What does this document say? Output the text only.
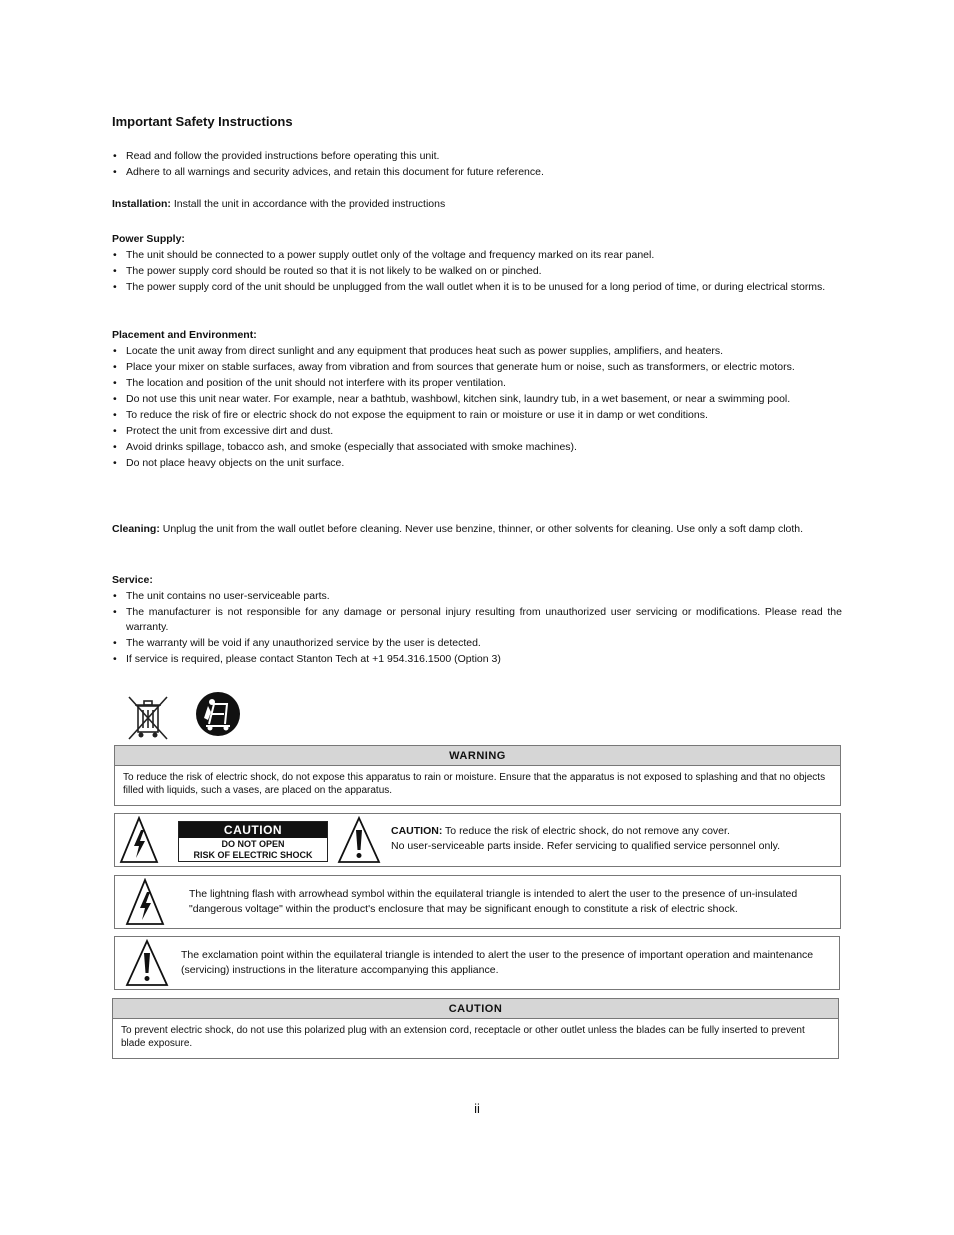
Important Safety Instructions
• Read and follow the provided instructions before operating this unit.
• Adhere to all warnings and security advices, and retain this document for future reference.

Installation: Install the unit in accordance with the provided instructions

Power Supply:
• The unit should be connected to a power supply outlet only of the voltage and frequency marked on its rear panel.
• The power supply cord should be routed so that it is not likely to be walked on or pinched.
• The power supply cord of the unit should be unplugged from the wall outlet when it is to be unused for a long period of time, or during electrical storms.
Placement and Environment:
• Locate the unit away from direct sunlight and any equipment that produces heat such as power supplies, amplifiers, and heaters.
• Place your mixer on stable surfaces, away from vibration and from sources that generate hum or noise, such as transformers, or electric motors.
• The location and position of the unit should not interfere with its proper ventilation.
• Do not use this unit near water. For example, near a bathtub, washbowl, kitchen sink, laundry tub, in a wet basement, or near a swimming pool.
• To reduce the risk of fire or electric shock do not expose the equipment to rain or moisture or use it in damp or wet conditions.
• Protect the unit from excessive dirt and dust.
• Avoid drinks spillage, tobacco ash, and smoke (especially that associated with smoke machines).
• Do not place heavy objects on the unit surface.

Cleaning: Unplug the unit from the wall outlet before cleaning. Never use benzine, thinner, or other solvents for cleaning. Use only a soft damp cloth.

Service:
• The unit contains no user-serviceable parts.
• The manufacturer is not responsible for any damage or personal injury resulting from unauthorized user servicing or modifications. Please read the warranty.
• The warranty will be void if any unauthorized service by the user is detected.
• If service is required, please contact Stanton Tech at +1 954.316.1500 (Option 3)
WARNING
To reduce the risk of electric shock, do not expose this apparatus to rain or moisture. Ensure that the apparatus is not exposed to splashing and that no objects filled with liquids, such a vases, are placed on the apparatus.
CAUTION
DO NOT OPEN
RISK OF ELECTRIC SHOCK
CAUTION: To reduce the risk of electric shock, do not remove any cover.
No user-serviceable parts inside. Refer servicing to qualified service personnel only.
The lightning flash with arrowhead symbol within the equilateral triangle is intended to alert the user to the presence of un-insulated "dangerous voltage" within the product's enclosure that may be significant enough to constitute a risk of electric shock.
The exclamation point within the equilateral triangle is intended to alert the user to the presence of important operation and maintenance (servicing) instructions in the literature accompanying this appliance.
CAUTION
To prevent electric shock, do not use this polarized plug with an extension cord, receptacle or other outlet unless the blades can be fully inserted to prevent blade exposure.
ii
